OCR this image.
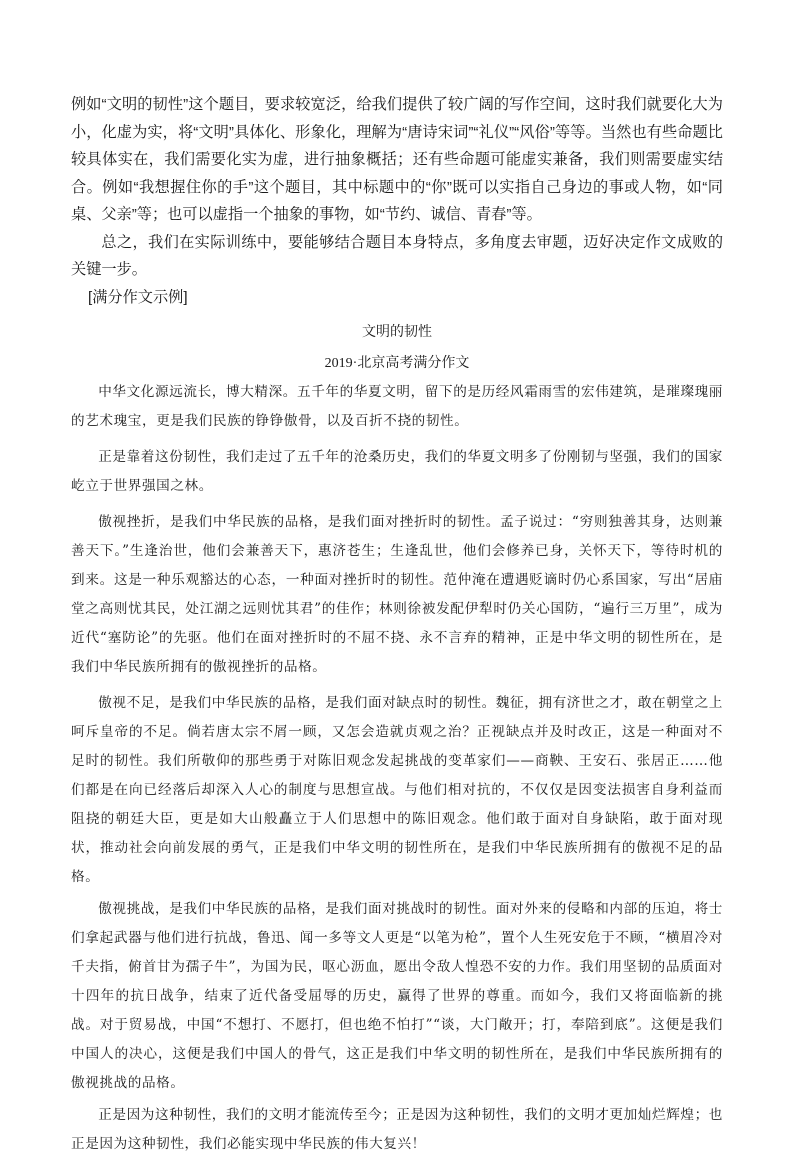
例如“文明的韧性”这个题目，要求较宽泛，给我们提供了较广阔的写作空间，这时我们就要化大为小，化虚为实，将“文明”具体化、形象化，理解为“唐诗宋词”“礼仪”“风俗”等等。当然也有些命题比较具体实在，我们需要化实为虚，进行抽象概括；还有些命题可能虚实兼备，我们则需要虚实结合。例如“我想握住你的手”这个题目，其中标题中的“你”既可以实指自己身边的事或人物，如“同桌、父亲”等；也可以虚指一个抽象的事物，如“节约、诚信、青春”等。

总之，我们在实际训练中，要能够结合题目本身特点，多角度去审题，迈好决定作文成败的关键一步。

[满分作文示例]

文明的韧性
2019·北京高考满分作文

中华文化源远流长，博大精深。五千年的华夏文明，留下的是历经风霜雨雪的宏伟建筑，是璀璨瑰丽的艺术瑰宝，更是我们民族的铮铮傲骨，以及百折不挠的韧性。

正是靠着这份韧性，我们走过了五千年的沧桑历史，我们的华夏文明多了份刚韧与坚强，我们的国家屹立于世界强国之林。

傲视挫折，是我们中华民族的品格，是我们面对挫折时的韧性。孟子说过：“穷则独善其身，达则兼善天下。”生逢治世，他们会兼善天下，惠济苍生；生逢乱世，他们会修养已身，关怀天下，等待时机的到来。这是一种乐观豁达的心态，一种面对挫折时的韧性。范仲淹在遭遇贬谪时仍心系国家，写出“居庙堂之高则忧其民，处江湖之远则忧其君”的佳作；林则徐被发配伊犁时仍关心国防，“遍行三万里”，成为近代“塞防论”的先驱。他们在面对挫折时的不屈不挠、永不言弃的精神，正是中华文明的韧性所在，是我们中华民族所拥有的傲视挫折的品格。

傲视不足，是我们中华民族的品格，是我们面对缺点时的韧性。魏征，拥有济世之才，敢在朝堂之上呵斥皇帝的不足。倘若唐太宗不屑一顾，又怎会造就贞观之治？正视缺点并及时改正，这是一种面对不足时的韧性。我们所敬仰的那些勇于对陈旧观念发起挑战的变革家们——商鞅、王安石、张居正……他们都是在向已经落后却深入人心的制度与思想宣战。与他们相对抗的，不仅仅是因变法损害自身利益而阻挠的朝廷大臣，更是如大山般矗立于人们思想中的陈旧观念。他们敢于面对自身缺陷，敢于面对现状，推动社会向前发展的勇气，正是我们中华文明的韧性所在，是我们中华民族所拥有的傲视不足的品格。

傲视挑战，是我们中华民族的品格，是我们面对挑战时的韧性。面对外来的侵略和内部的压迫，将士们拿起武器与他们进行抗战，鲁迅、闻一多等文人更是“以笔为枪”，置个人生死安危于不顾，“横眉冷对千夫指，俯首甘为孺子牛”，为国为民，呕心沥血，愿出令敌人惶恐不安的力作。我们用坚韧的品质面对十四年的抗日战争，结束了近代备受屈辱的历史，赢得了世界的尊重。而如今，我们又将面临新的挑战。对于贸易战，中国“不想打、不愿打，但也绝不怕打”“谈，大门敞开；打，奉陪到底”。这便是我们中国人的决心，这便是我们中国人的骨气，这正是我们中华文明的韧性所在，是我们中华民族所拥有的傲视挑战的品格。

正是因为这种韧性，我们的文明才能流传至今；正是因为这种韧性，我们的文明才更加灿烂辉煌；也正是因为这种韧性，我们必能实现中华民族的伟大复兴！
